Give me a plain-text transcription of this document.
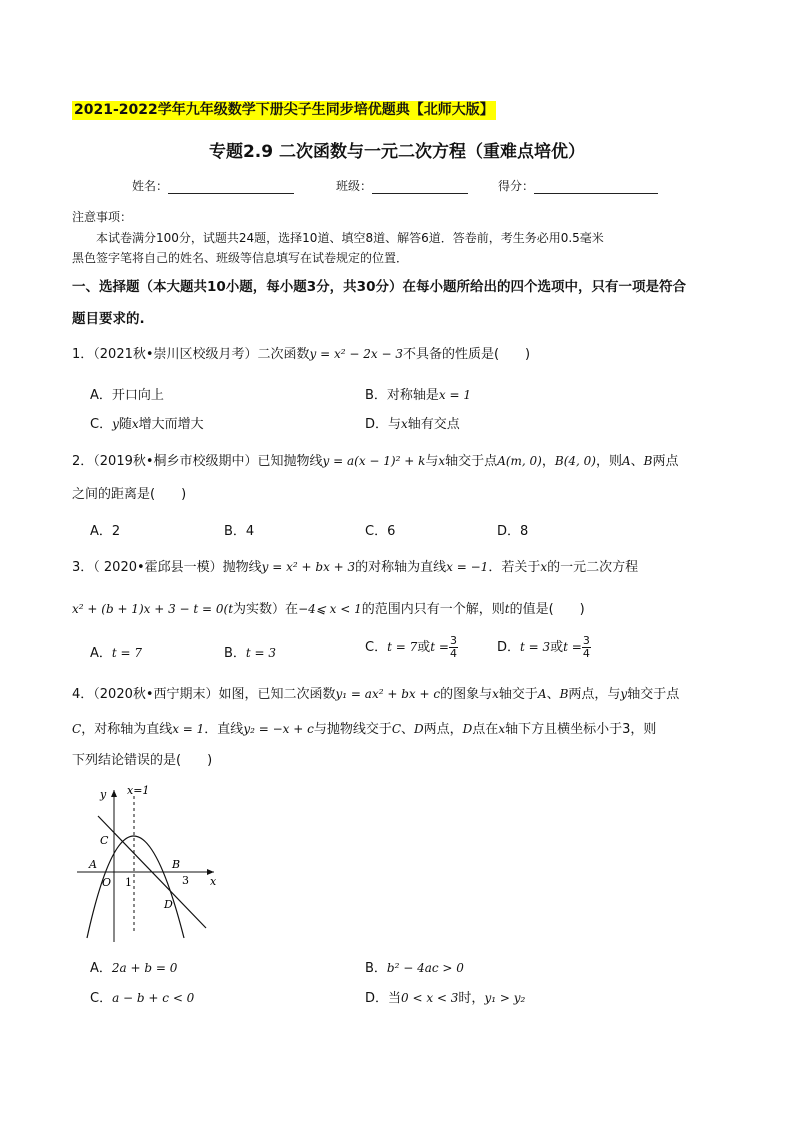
2021-2022学年九年级数学下册尖子生同步培优题典【北师大版】
专题2.9 二次函数与一元二次方程（重难点培优）
姓名：	班级：	得分：
注意事项：
本试卷满分100分，试题共24题，选择10道、填空8道、解答6道．答卷前，考生务必用0.5毫米
黑色签字笔将自己的姓名、班级等信息填写在试卷规定的位置．
一、选择题（本大题共10小题，每小题3分，共30分）在每小题所给出的四个选项中，只有一项是符合
题目要求的.
1．（2021秋•崇川区校级月考）二次函数y = x² − 2x − 3不具备的性质是(　　)
A．开口向上	B．对称轴是x = 1
C．y随x增大而增大	D．与x轴有交点
2．（2019秋•桐乡市校级期中）已知抛物线y = a(x − 1)² + k与x轴交于点A(m, 0)，B(4, 0)，则A、B两点
之间的距离是(　　)
A．2	B．4	C．6	D．8
3．（ 2020•霍邱县一模）抛物线y = x² + bx + 3的对称轴为直线x = −1．若关于x的一元二次方程
x² + (b + 1)x + 3 − t = 0(t为实数）在−4⩽ x < 1的范围内只有一个解，则t的值是(　　)
A．t = 7	B．t = 3	C．t = 7或$t = \frac{3}{4}$	D．t = 3或$t = \frac{3}{4}$
4．（2020秋•西宁期末）如图，已知二次函数y₁ = ax² + bx + c的图象与x轴交于A、B两点，与y轴交于点
C，对称轴为直线x = 1．直线y₂ = −x + c与抛物线交于C、D两点，D点在x轴下方且横坐标小于3，则
下列结论错误的是(　　)
y
x
x=1
O 1	3
A	B
C
D
A．2a + b = 0	B．b² − 4ac > 0
C．a − b + c < 0	D．当0 < x < 3时，y₁ > y₂
